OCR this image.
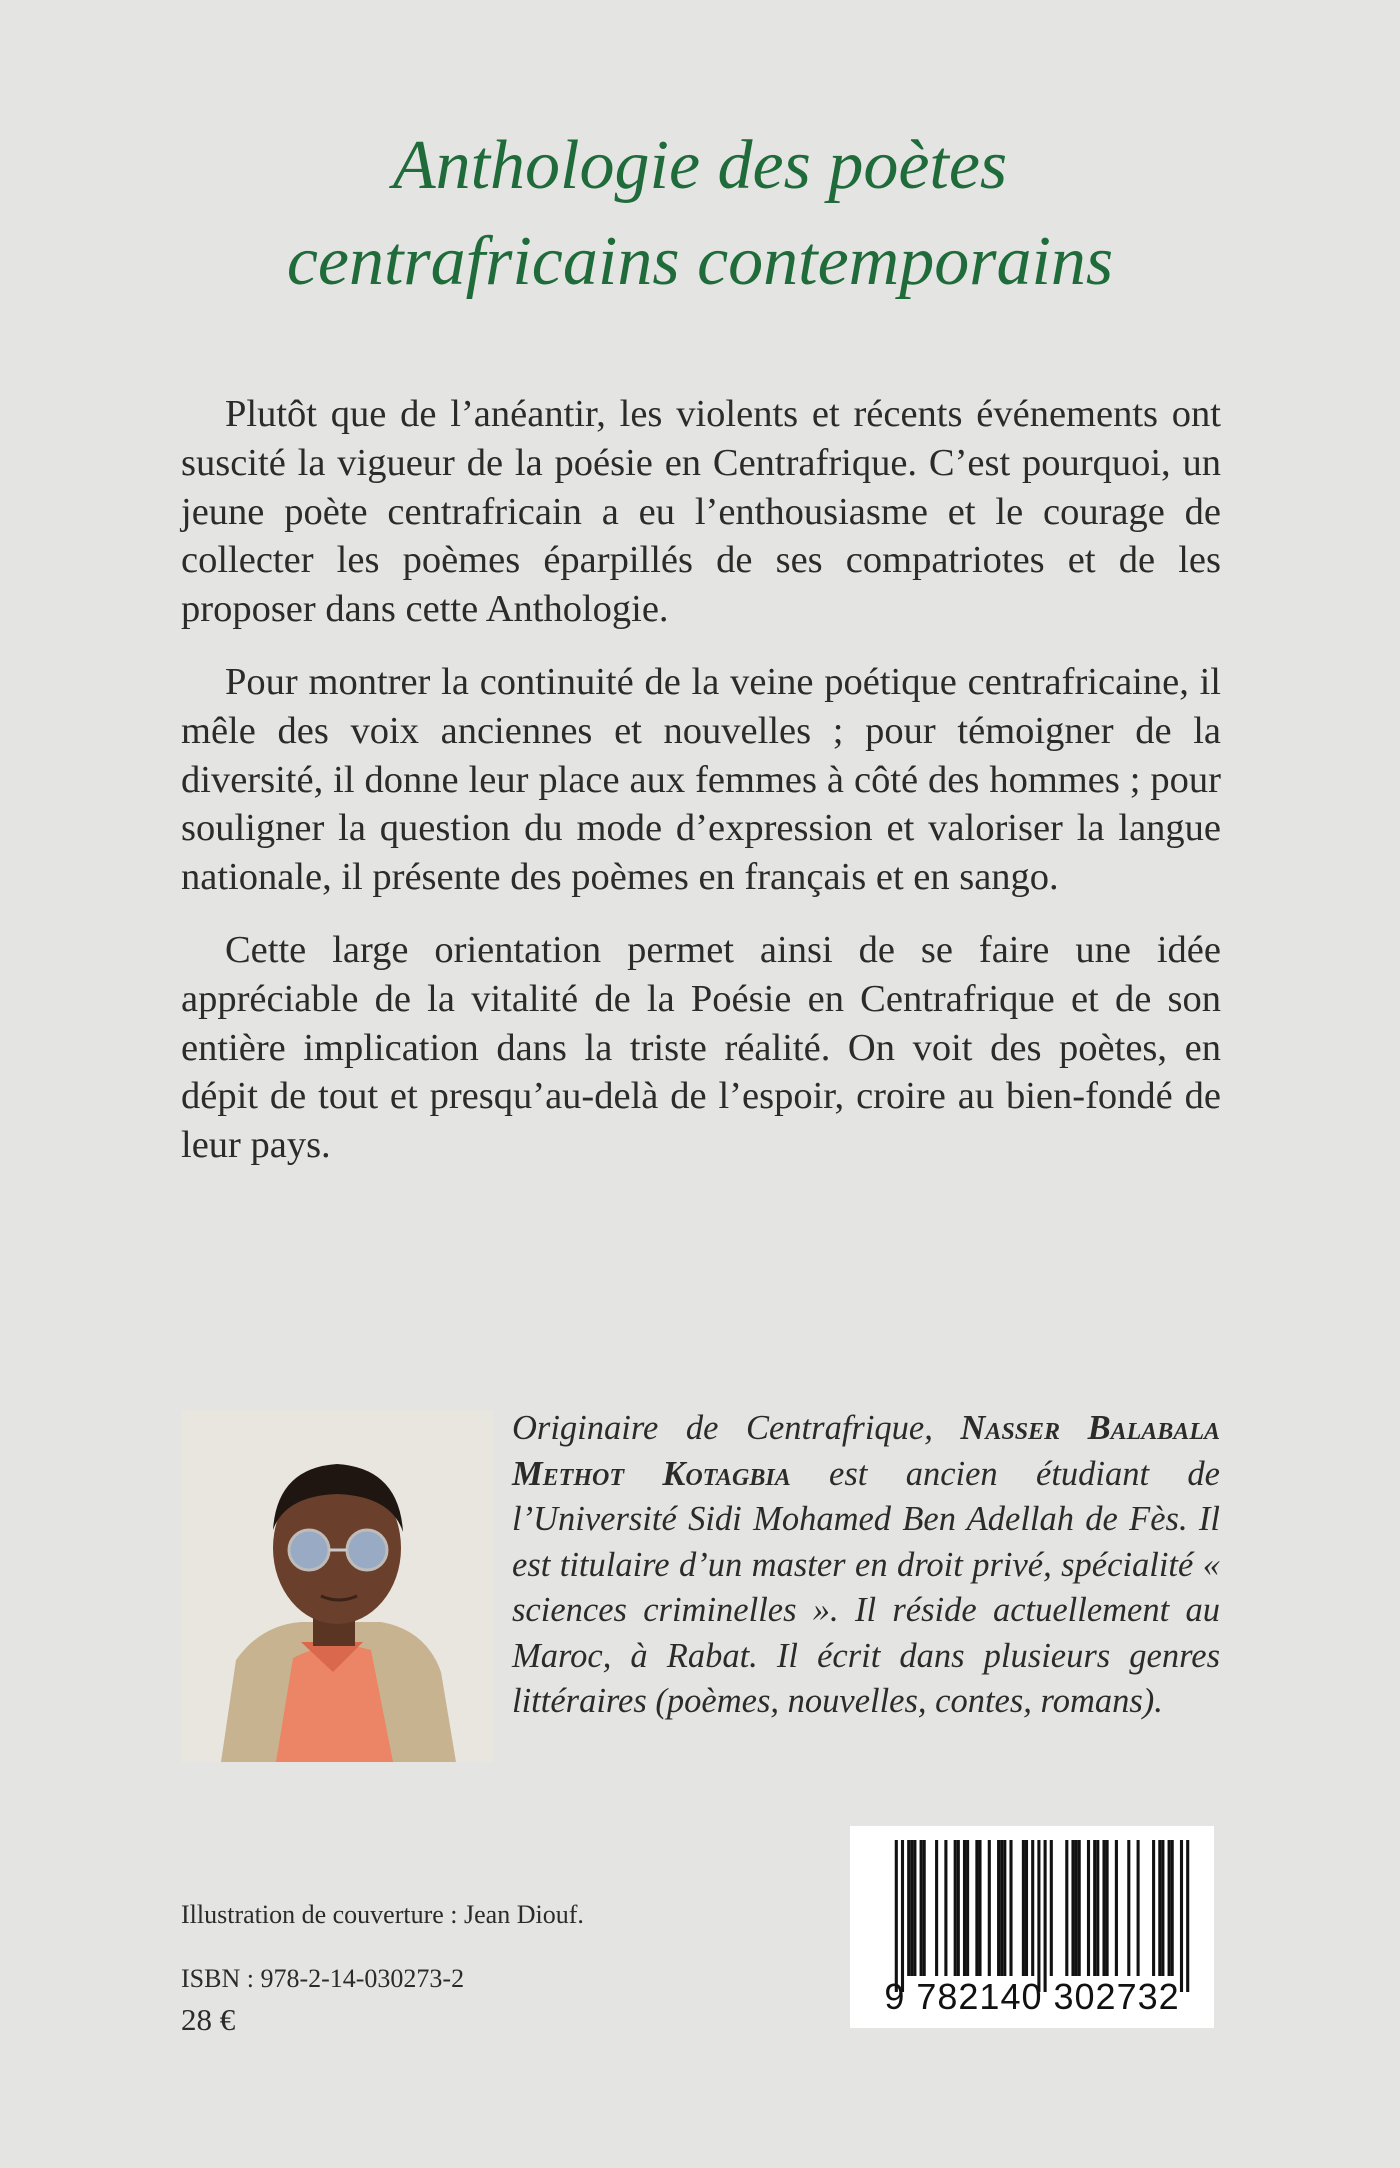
Anthologie des poètes
centrafricains contemporains

Plutôt que de l’anéantir, les violents et récents événements ont suscité la vigueur de la poésie en Centrafrique. C’est pourquoi, un jeune poète centrafricain a eu l’enthousiasme et le courage de collecter les poèmes éparpillés de ses compatriotes et de les proposer dans cette Anthologie.

Pour montrer la continuité de la veine poétique centrafricaine, il mêle des voix anciennes et nouvelles ; pour témoigner de la diversité, il donne leur place aux femmes à côté des hommes ; pour souligner la question du mode d’expression et valoriser la langue nationale, il présente des poèmes en français et en sango.

Cette large orientation permet ainsi de se faire une idée appréciable de la vitalité de la Poésie en Centrafrique et de son entière implication dans la triste réalité. On voit des poètes, en dépit de tout et presqu’au-delà de l’espoir, croire au bien-fondé de leur pays.

Originaire de Centrafrique, Nasser Balabala Methot Kotagbia est ancien étudiant de l’Université Sidi Mohamed Ben Adellah de Fès. Il est titulaire d’un master en droit privé, spécialité « sciences criminelles ». Il réside actuellement au Maroc, à Rabat. Il écrit dans plusieurs genres littéraires (poèmes, nouvelles, contes, romans).
Illustration de couverture : Jean Diouf.
ISBN : 978-2-14-030273-2
28 €
9 782140 302732
